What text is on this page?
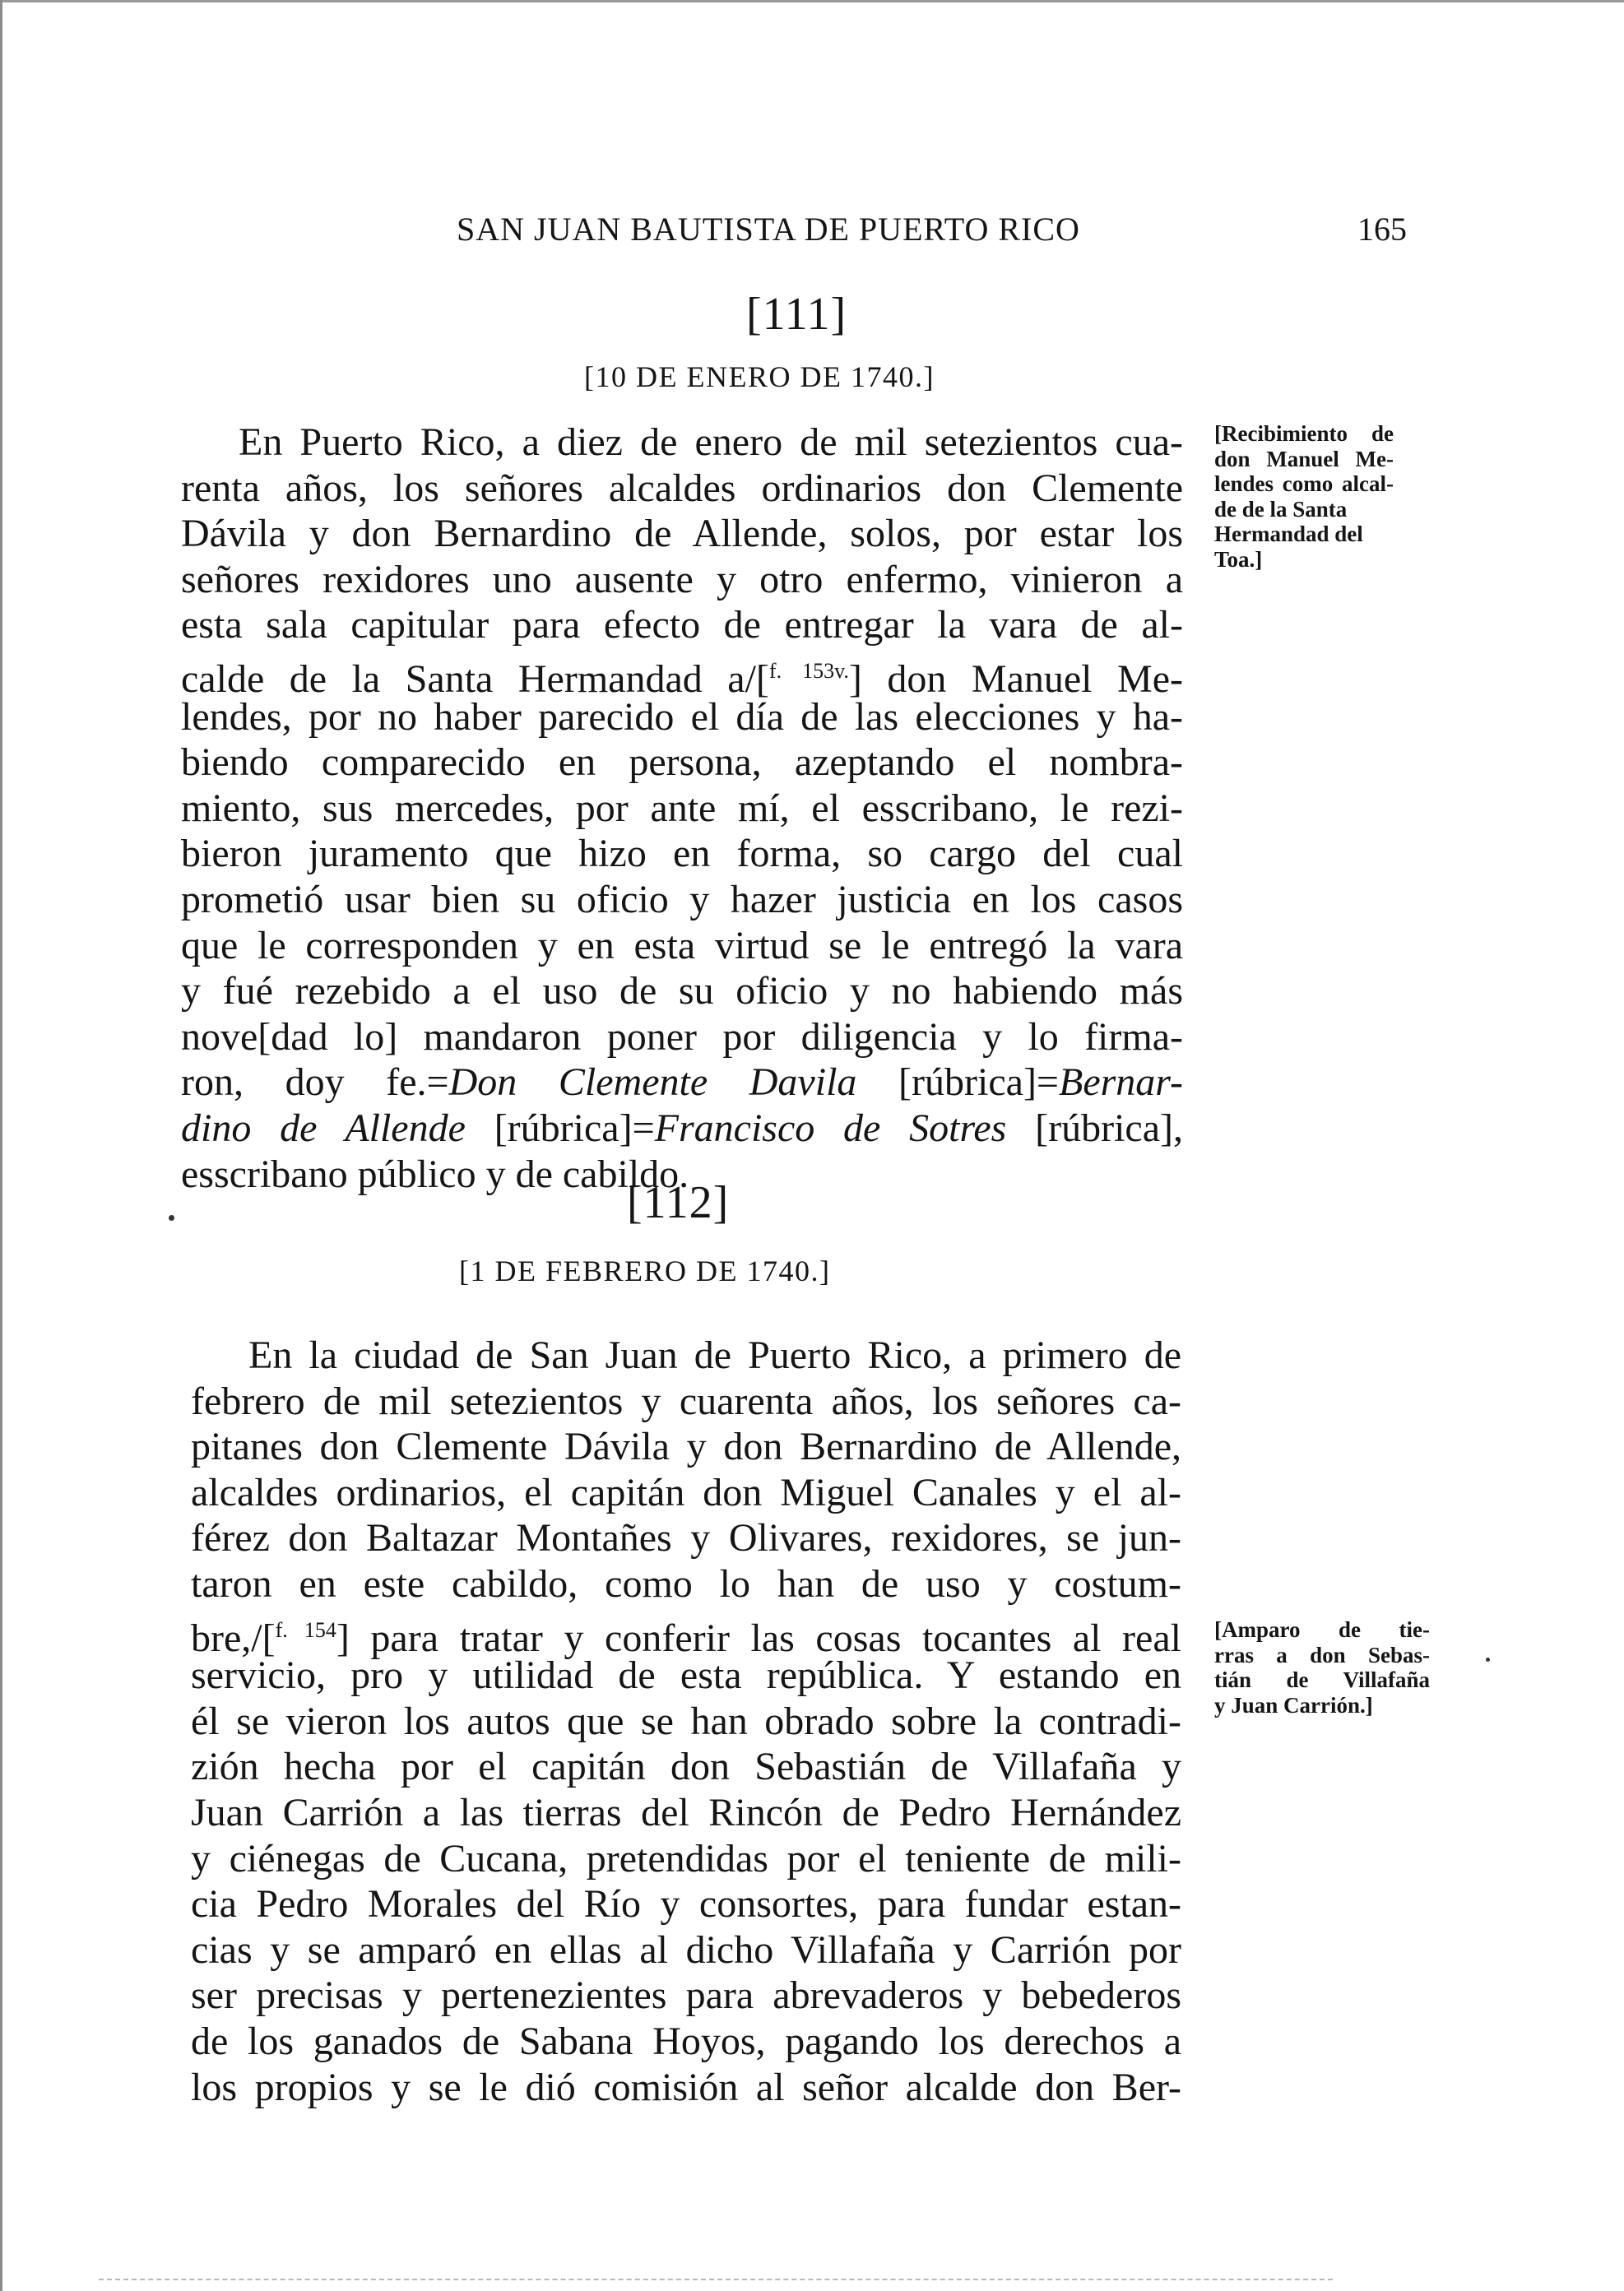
SAN JUAN BAUTISTA DE PUERTO RICO	165
[111]
[10 DE ENERO DE 1740.]
En Puerto Rico, a diez de enero de mil setezientos cua-
renta años, los señores alcaldes ordinarios don Clemente
Dávila y don Bernardino de Allende, solos, por estar los
señores rexidores uno ausente y otro enfermo, vinieron a
esta sala capitular para efecto de entregar la vara de al-
calde de la Santa Hermandad a/[$^{f. 153v.}$] don Manuel Me-
lendes, por no haber parecido el día de las elecciones y ha-
biendo comparecido en persona, azeptando el nombra-
miento, sus mercedes, por ante mí, el esscribano, le rezi-
bieron juramento que hizo en forma, so cargo del cual
prometió usar bien su oficio y hazer justicia en los casos
que le corresponden y en esta virtud se le entregó la vara
y fué rezebido a el uso de su oficio y no habiendo más
nove[dad lo] mandaron poner por diligencia y lo firma-
ron, doy fe.=Don Clemente Davila [rúbrica]=Bernar-
dino de Allende [rúbrica]=Francisco de Sotres [rúbrica],
esscribano público y de cabildo.
[Recibimiento de
don Manuel Me-
lendes como alcal-
de de la Santa
Hermandad del
Toa.]
[112]
[1 DE FEBRERO DE 1740.]
En la ciudad de San Juan de Puerto Rico, a primero de
febrero de mil setezientos y cuarenta años, los señores ca-
pitanes don Clemente Dávila y don Bernardino de Allende,
alcaldes ordinarios, el capitán don Miguel Canales y el al-
férez don Baltazar Montañes y Olivares, rexidores, se jun-
taron en este cabildo, como lo han de uso y costum-
bre,/[$^{f. 154}$] para tratar y conferir las cosas tocantes al real
servicio, pro y utilidad de esta república. Y estando en
él se vieron los autos que se han obrado sobre la contradi-
zión hecha por el capitán don Sebastián de Villafaña y
Juan Carrión a las tierras del Rincón de Pedro Hernández
y ciénegas de Cucana, pretendidas por el teniente de mili-
cia Pedro Morales del Río y consortes, para fundar estan-
cias y se amparó en ellas al dicho Villafaña y Carrión por
ser precisas y pertenezientes para abrevaderos y bebederos
de los ganados de Sabana Hoyos, pagando los derechos a
los propios y se le dió comisión al señor alcalde don Ber-
[Amparo de tie-
rras a don Sebas-
tián de Villafaña
y Juan Carrión.]
